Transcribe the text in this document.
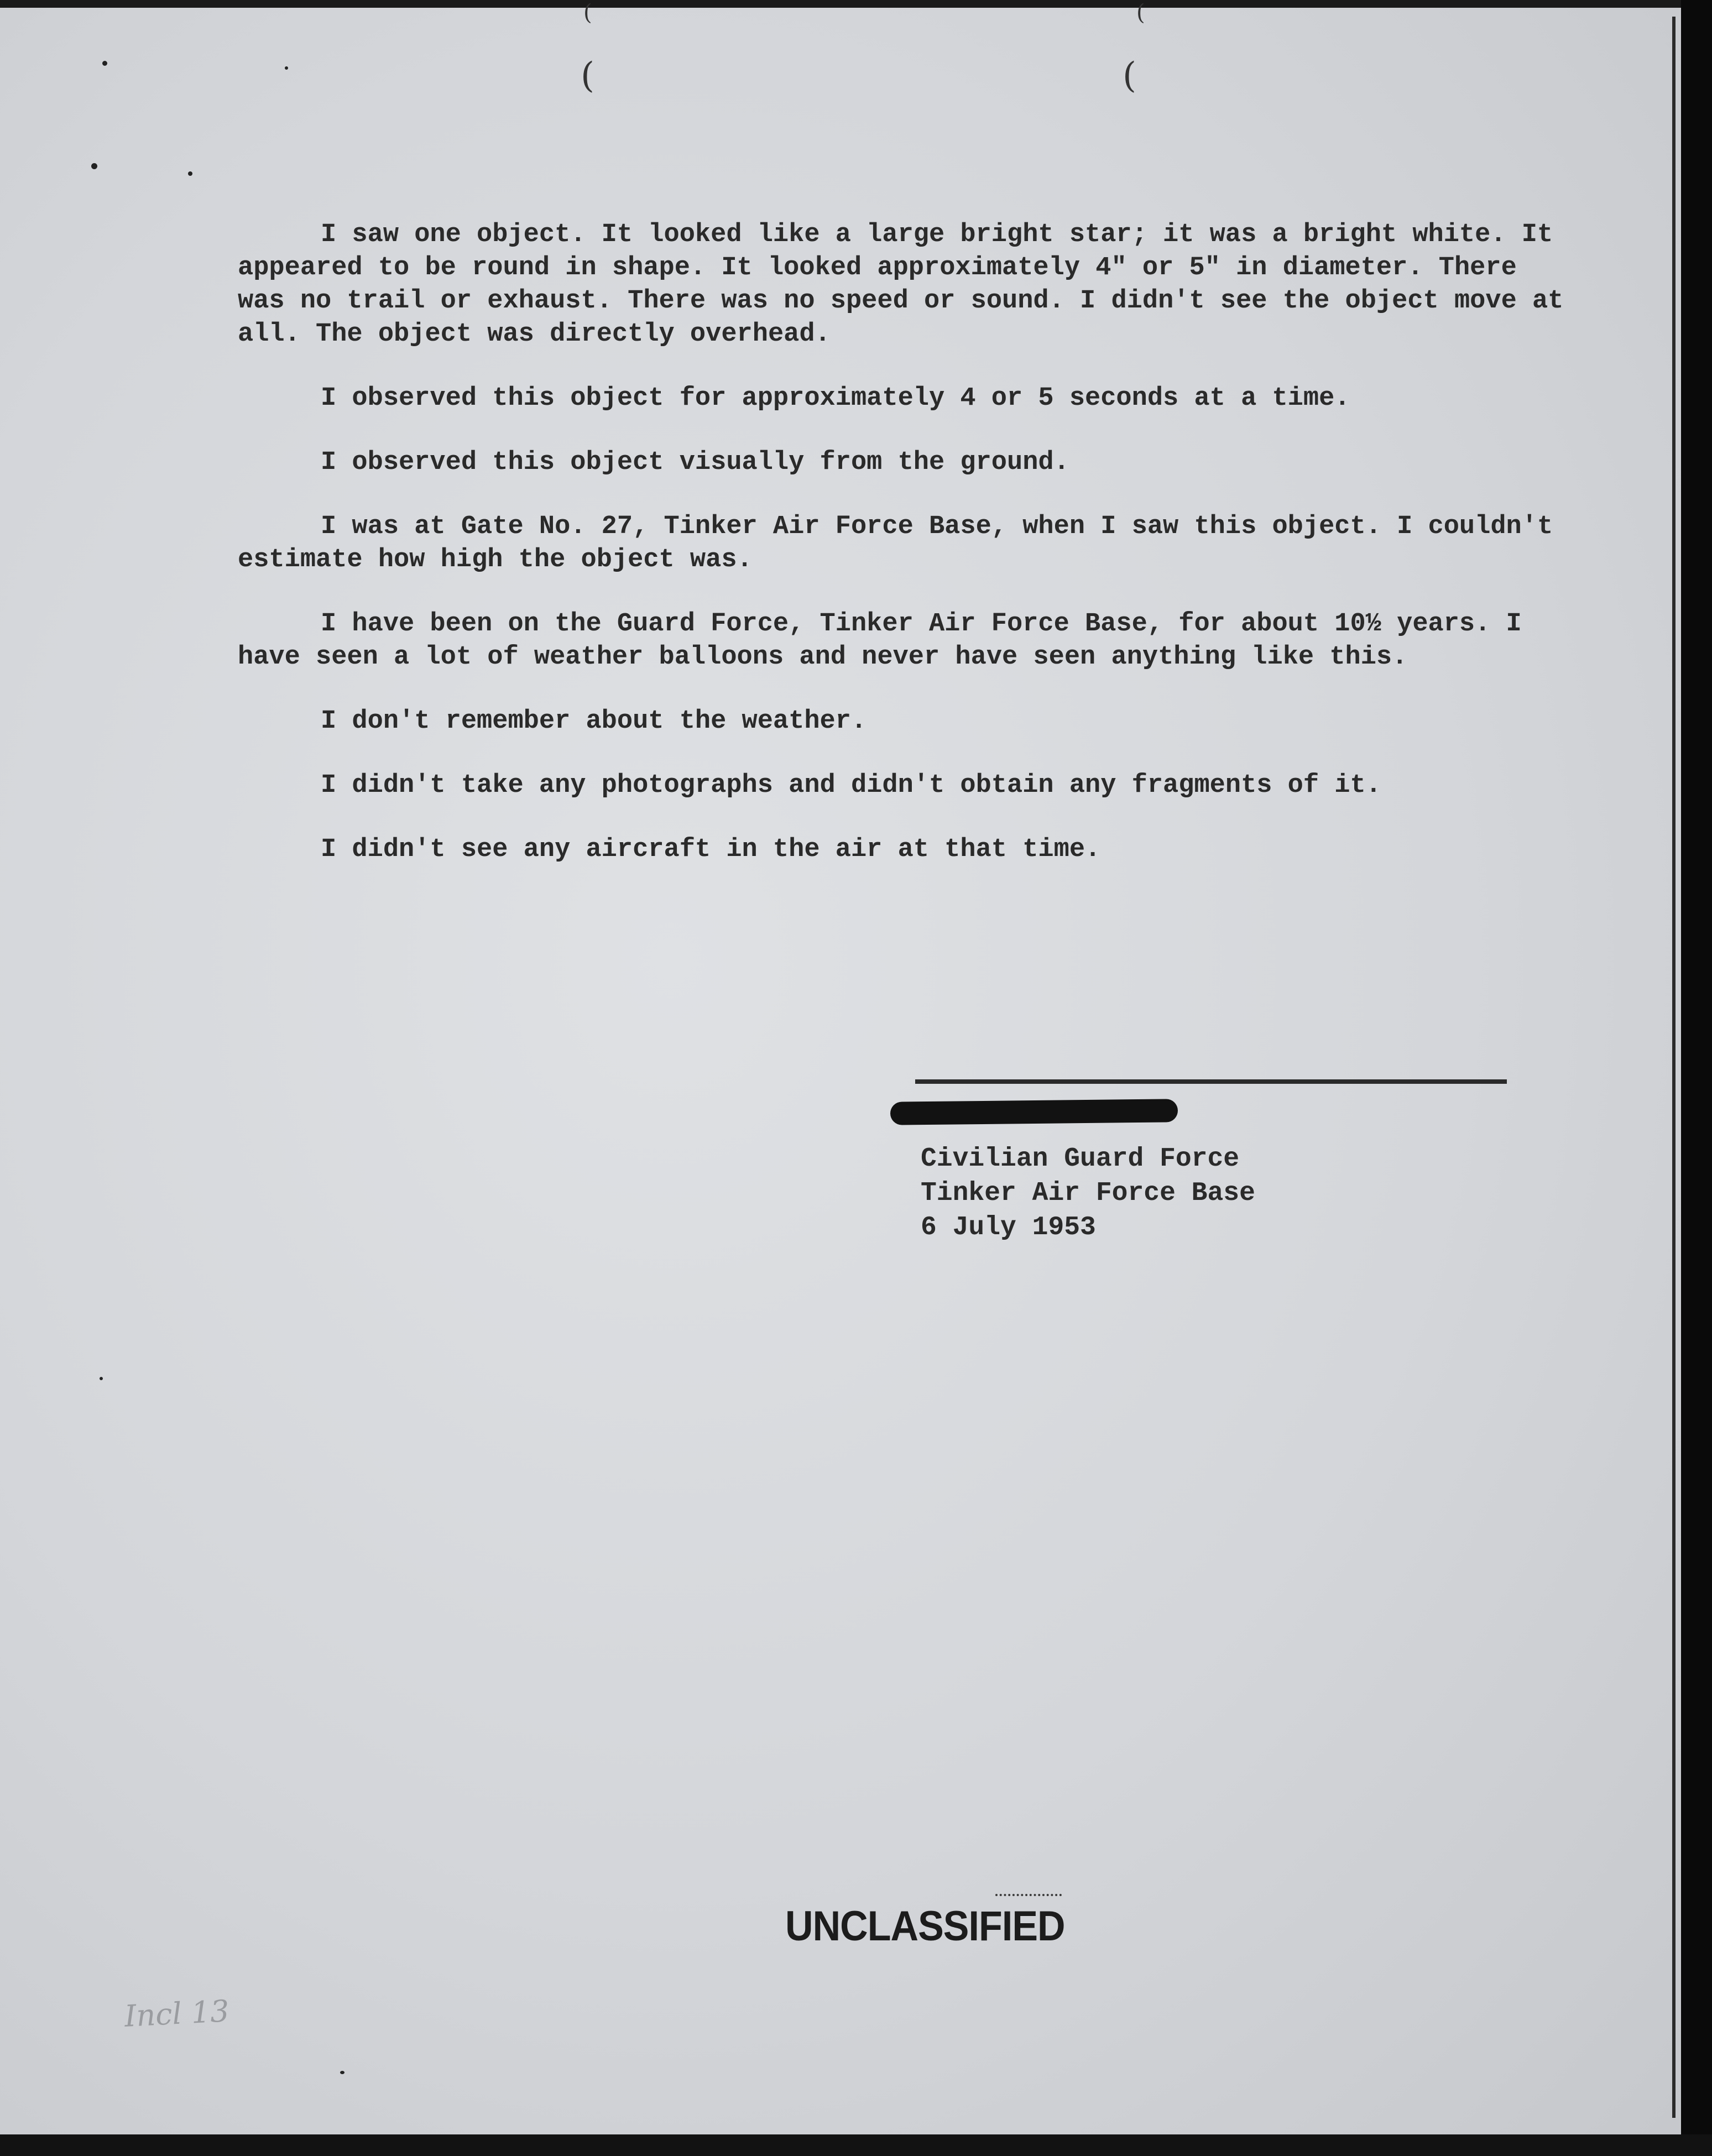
(	(
(	(

I saw one object. It looked like a large bright star; it was a bright white. It appeared to be round in shape. It looked approximately 4" or 5" in diameter. There was no trail or exhaust. There was no speed or sound. I didn't see the object move at all. The object was directly overhead.

I observed this object for approximately 4 or 5 seconds at a time.

I observed this object visually from the ground.

I was at Gate No. 27, Tinker Air Force Base, when I saw this object. I couldn't estimate how high the object was.

I have been on the Guard Force, Tinker Air Force Base, for about 10½ years. I have seen a lot of weather balloons and never have seen anything like this.

I don't remember about the weather.

I didn't take any photographs and didn't obtain any fragments of it.

I didn't see any aircraft in the air at that time.

Civilian Guard Force
Tinker Air Force Base
6 July 1953
UNCLASSIFIED
Incl 13
